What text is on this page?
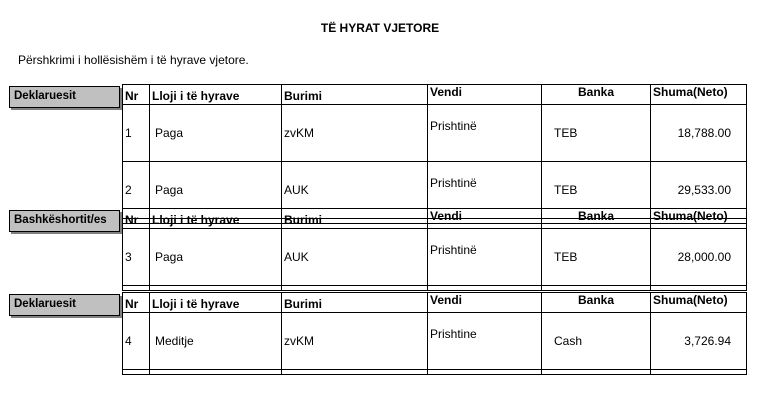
TË HYRAT VJETORE
Përshkrimi i hollësishëm i të hyrave vjetore.
Deklaruesit	Nr	Lloji i të hyrave	Burimi	Vendi	Banka	Shuma(Neto)
1	Paga	zvKM	Prishtinë	TEB	18,788.00
2	Paga	AUK	Prishtinë	TEB	29,533.00

Bashkëshortit/es	Nr	Lloji i të hyrave	Burimi	Vendi	Banka	Shuma(Neto)
3	Paga	AUK	Prishtinë	TEB	28,000.00

Deklaruesit	Nr	Lloji i të hyrave	Burimi	Vendi	Banka	Shuma(Neto)
4	Meditje	zvKM	Prishtine	Cash	3,726.94
